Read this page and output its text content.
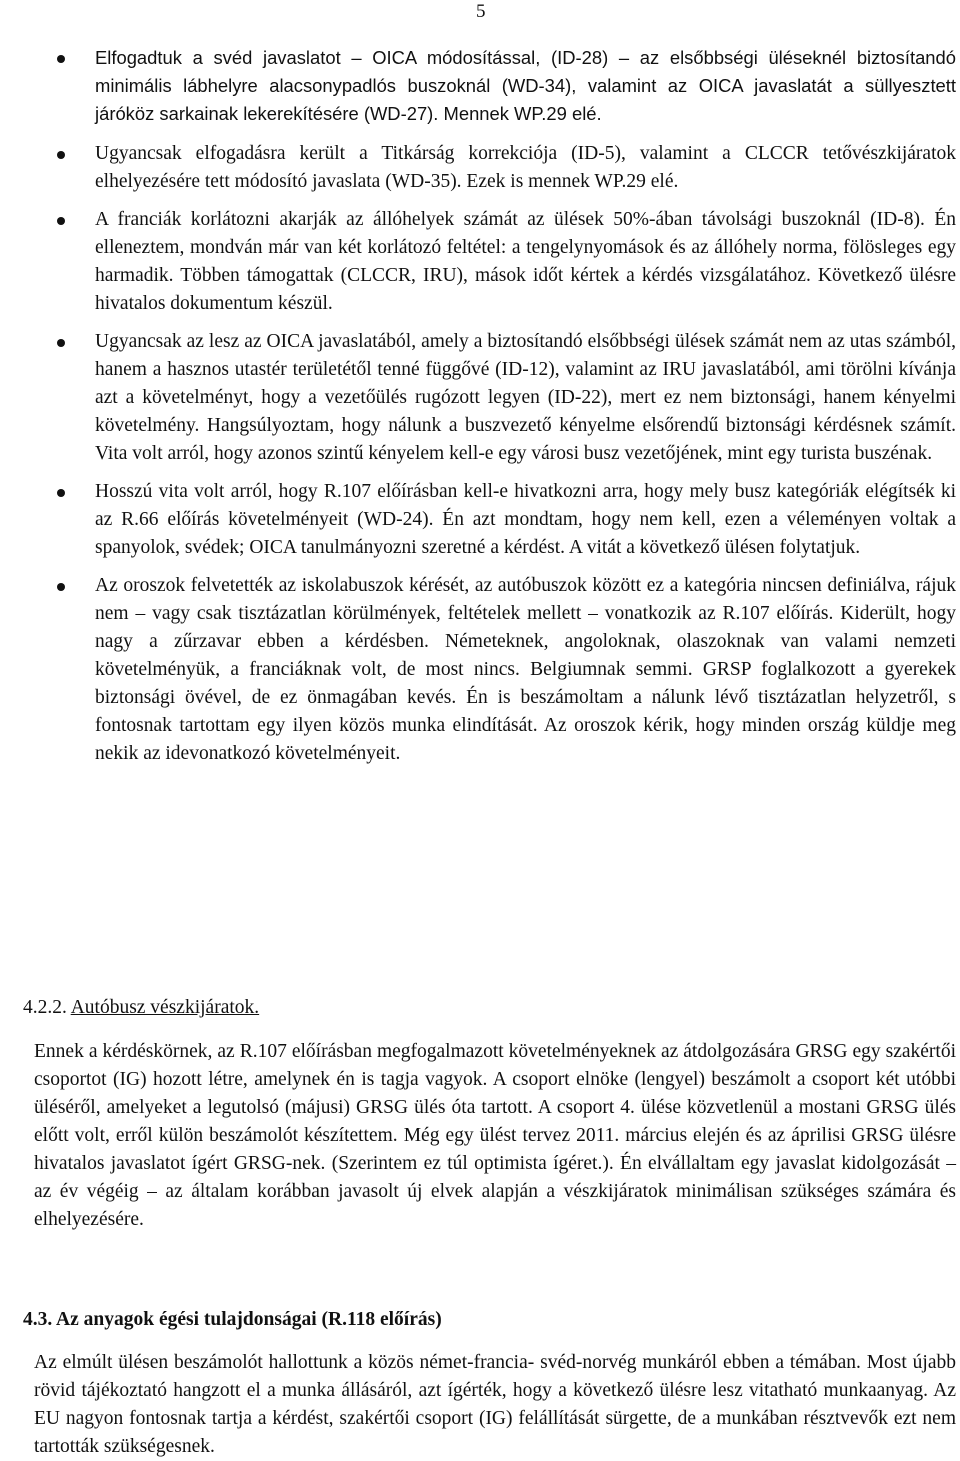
5
Elfogadtuk a svéd javaslatot – OICA módosítással, (ID-28) – az elsőbbségi üléseknél biztosítandó minimális lábhelyre alacsonypadlós buszoknál (WD-34), valamint az OICA javaslatát a süllyesztett járóköz sarkainak lekerekítésére (WD-27). Mennek WP.29 elé.
Ugyancsak elfogadásra került a Titkárság korrekciója (ID-5), valamint a CLCCR tetővészkijáratok elhelyezésére tett módosító javaslata (WD-35). Ezek is mennek WP.29 elé.
A franciák korlátozni akarják az állóhelyek számát az ülések 50%-ában távolsági buszoknál (ID-8). Én elleneztem, mondván már van két korlátozó feltétel: a tengelynyomások és az állóhely norma, fölösleges egy harmadik. Többen támogattak (CLCCR, IRU), mások időt kértek a kérdés vizsgálatához. Következő ülésre hivatalos dokumentum készül.
Ugyancsak az lesz az OICA javaslatából, amely a biztosítandó elsőbbségi ülések számát nem az utas számból, hanem a hasznos utastér területétől tenné függővé (ID-12), valamint az IRU javaslatából, ami törölni kívánja azt a követelményt, hogy a vezetőülés rugózott legyen (ID-22), mert ez nem biztonsági, hanem kényelmi követelmény. Hangsúlyoztam, hogy nálunk a buszvezető kényelme elsőrendű biztonsági kérdésnek számít. Vita volt arról, hogy azonos szintű kényelem kell-e egy városi busz vezetőjének, mint egy turista buszénak.
Hosszú vita volt arról, hogy R.107 előírásban kell-e hivatkozni arra, hogy mely busz kategóriák elégítsék ki az R.66 előírás követelményeit (WD-24). Én azt mondtam, hogy nem kell, ezen a véleményen voltak a spanyolok, svédek; OICA tanulmányozni szeretné a kérdést. A vitát a következő ülésen folytatjuk.
Az oroszok felvetették az iskolabuszok kérését, az autóbuszok között ez a kategória nincsen definiálva, rájuk nem – vagy csak tisztázatlan körülmények, feltételek mellett – vonatkozik az R.107 előírás. Kiderült, hogy nagy a zűrzavar ebben a kérdésben. Németeknek, angoloknak, olaszoknak van valami nemzeti követelményük, a franciáknak volt, de most nincs. Belgiumnak semmi. GRSP foglalkozott a gyerekek biztonsági övével, de ez önmagában kevés. Én is beszámoltam a nálunk lévő tisztázatlan helyzetről, s fontosnak tartottam egy ilyen közös munka elindítását. Az oroszok kérik, hogy minden ország küldje meg nekik az idevonatkozó követelményeit.
4.2.2. Autóbusz vészkijáratok.
Ennek a kérdéskörnek, az R.107 előírásban megfogalmazott követelményeknek az átdolgozására GRSG egy szakértői csoportot (IG) hozott létre, amelynek én is tagja vagyok. A csoport elnöke (lengyel) beszámolt a csoport két utóbbi üléséről, amelyeket a legutolsó (májusi) GRSG ülés óta tartott. A csoport 4. ülése közvetlenül a mostani GRSG ülés előtt volt, erről külön beszámolót készítettem. Még egy ülést tervez 2011. március elején és az áprilisi GRSG ülésre hivatalos javaslatot ígért GRSG-nek. (Szerintem ez túl optimista ígéret.). Én elvállaltam egy javaslat kidolgozását – az év végéig – az általam korábban javasolt új elvek alapján a vészkijáratok minimálisan szükséges számára és elhelyezésére.
4.3. Az anyagok égési tulajdonságai (R.118 előírás)
Az elmúlt ülésen beszámolót hallottunk a közös német-francia- svéd-norvég munkáról ebben a témában. Most újabb rövid tájékoztató hangzott el a munka állásáról, azt ígérték, hogy a következő ülésre lesz vitatható munkaanyag. Az EU nagyon fontosnak tartja a kérdést, szakértői csoport (IG) felállítását sürgette, de a munkában résztvevők ezt nem tartották szükségesnek.
